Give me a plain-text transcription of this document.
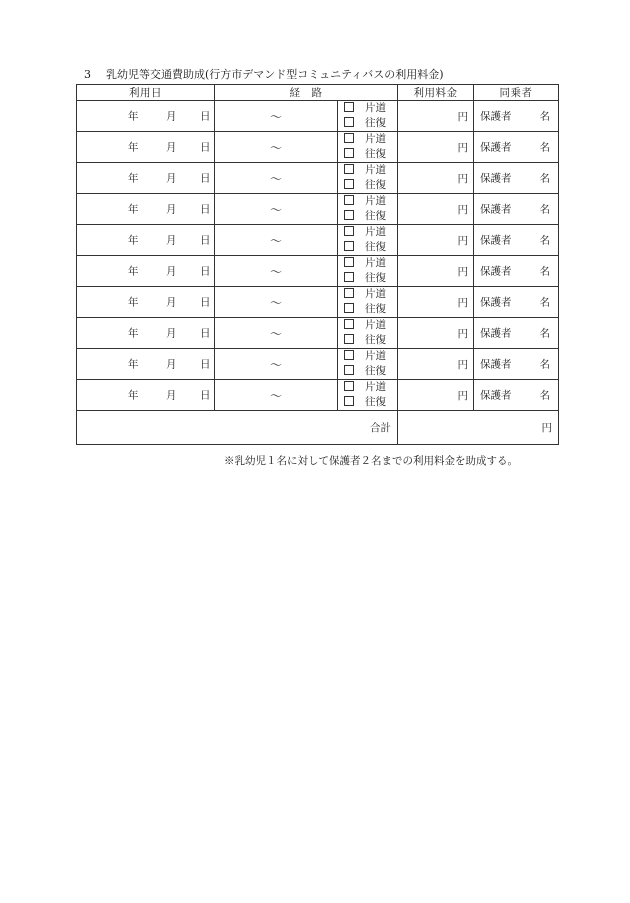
3 乳幼児等交通費助成(行方市デマンド型コミュニティバスの利用料金)
利用日	経　路		利用料金	同乗者

年 月 日	〜	片道
往復	円	保護者 名

年 月 日	〜	片道
往復	円	保護者 名

年 月 日	〜	片道
往復	円	保護者 名

年 月 日	〜	片道
往復	円	保護者 名

年 月 日	〜	片道
往復	円	保護者 名

年 月 日	〜	片道
往復	円	保護者 名

年 月 日	〜	片道
往復	円	保護者 名

年 月 日	〜	片道
往復	円	保護者 名

年 月 日	〜	片道
往復	円	保護者 名

年 月 日	〜	片道
往復	円	保護者 名

合計			円	
※乳幼児１名に対して保護者２名までの利用料金を助成する。
